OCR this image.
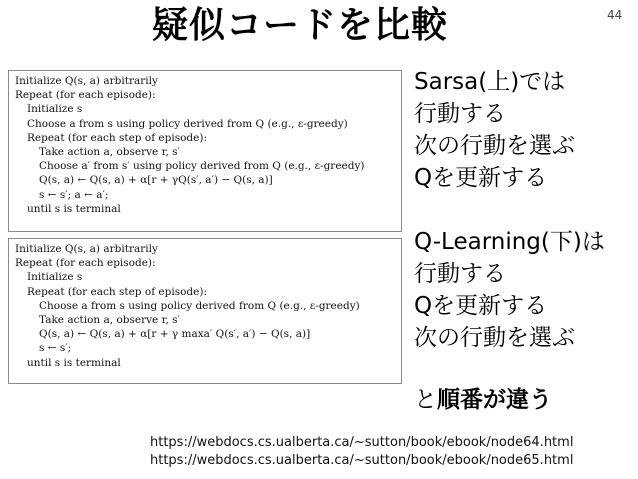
疑似コードを比較	44
Initialize Q(s, a) arbitrarily
Repeat (for each episode):
Initialize s
Choose a from s using policy derived from Q (e.g., ε-greedy)
Repeat (for each step of episode):
Take action a, observe r, s′
Choose a′ from s′ using policy derived from Q (e.g., ε-greedy)
Q(s, a) ← Q(s, a) + α[r + γQ(s′, a′) − Q(s, a)]
s ← s′; a ← a′;
until s is terminal
Initialize Q(s, a) arbitrarily
Repeat (for each episode):
Initialize s
Repeat (for each step of episode):
Choose a from s using policy derived from Q (e.g., ε-greedy)
Take action a, observe r, s′
Q(s, a) ← Q(s, a) + α[r + γ maxa′ Q(s′, a′) − Q(s, a)]
s ← s′;
until s is terminal
Sarsa(上)では
行動する
次の行動を選ぶ
Qを更新する
Q-Learning(下)は
行動する
Qを更新する
次の行動を選ぶ
と順番が違う
https://webdocs.cs.ualberta.ca/~sutton/book/ebook/node64.html
https://webdocs.cs.ualberta.ca/~sutton/book/ebook/node65.html
